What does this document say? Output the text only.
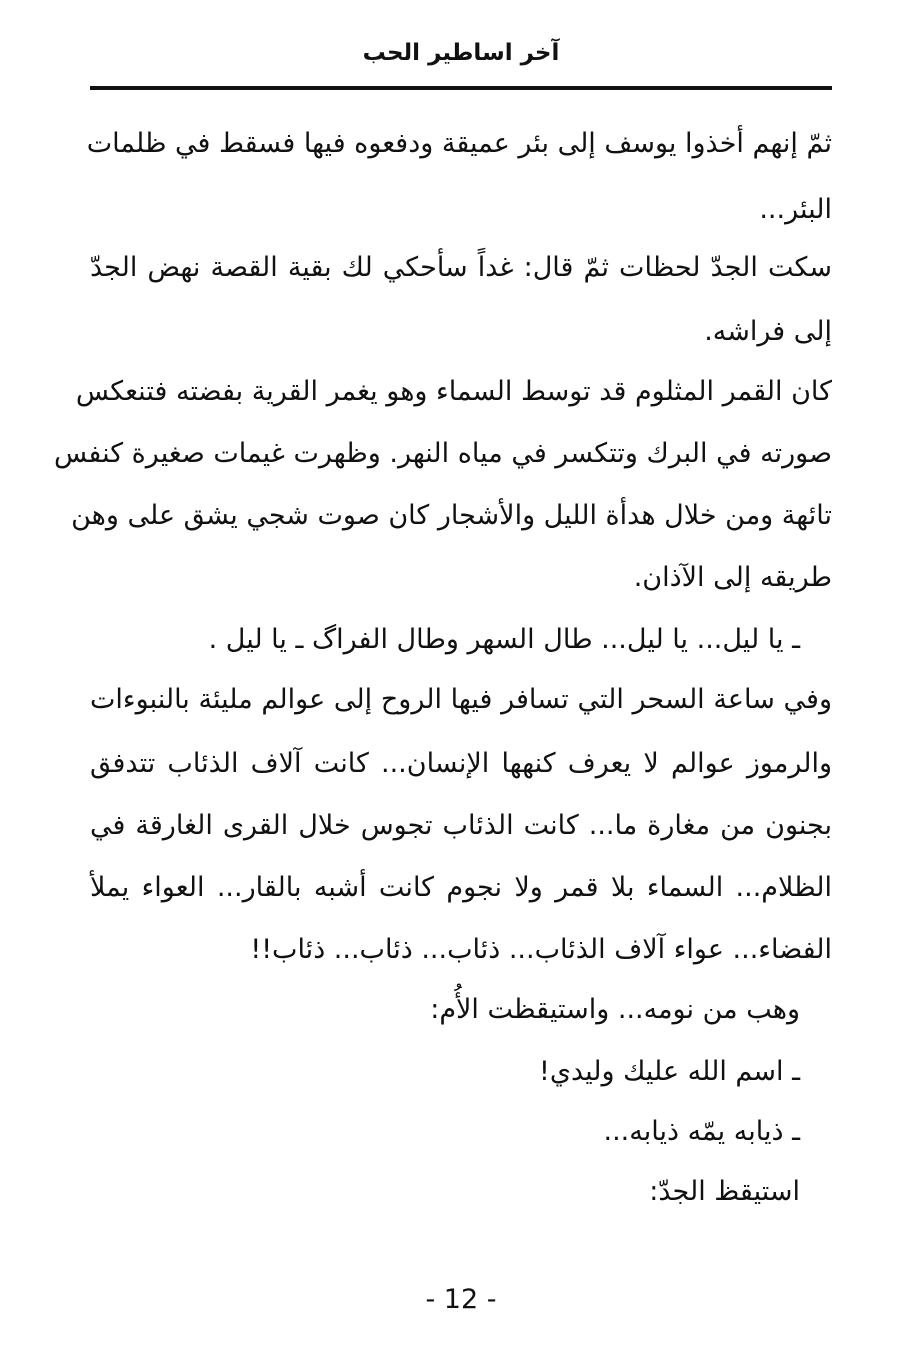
آخر اساطير الحب
ثمّ إنهم أخذوا يوسف إلى بئر عميقة ودفعوه فيها فسقط في ظلمات
البئر...
سكت الجدّ لحظات ثمّ قال: غداً سأحكي لك بقية القصة نهض الجدّ
إلى فراشه.
كان القمر المثلوم قد توسط السماء وهو يغمر القرية بفضته فتنعكس
صورته في البرك وتتكسر في مياه النهر. وظهرت غيمات صغيرة كنفس
تائهة ومن خلال هدأة الليل والأشجار كان صوت شجي يشق على وهن
طريقه إلى الآذان.
ـ يا ليل... يا ليل... طال السهر وطال الفراگ ـ يا ليل .
وفي ساعة السحر التي تسافر فيها الروح إلى عوالم مليئة بالنبوءات
والرموز عوالم لا يعرف كنهها الإنسان... كانت آلاف الذئاب تتدفق
بجنون من مغارة ما... كانت الذئاب تجوس خلال القرى الغارقة في
الظلام... السماء بلا قمر ولا نجوم كانت أشبه بالقار... العواء يملأ
الفضاء... عواء آلاف الذئاب... ذئاب... ذئاب... ذئاب!!
وهب من نومه... واستيقظت الأُم:
ـ اسم الله عليك وليدي!
ـ ذيابه يمّه ذيابه...
استيقظ الجدّ:
- 12 -
